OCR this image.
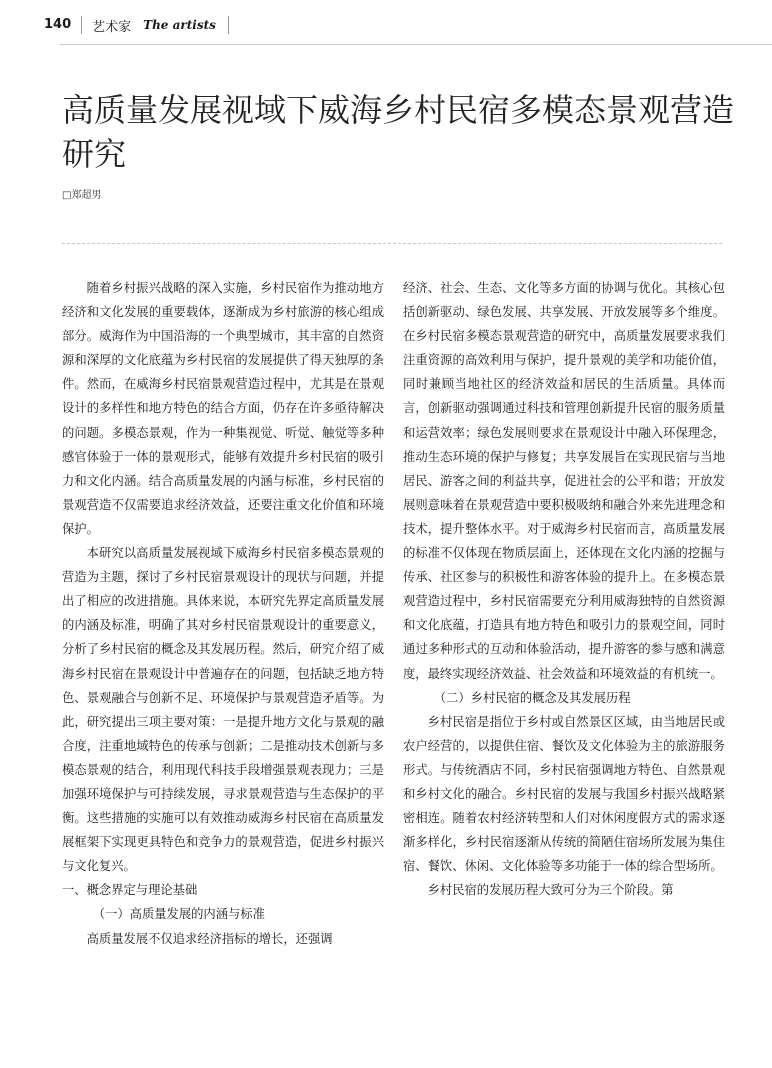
140	艺术家 The artists
高质量发展视域下威海乡村民宿多模态景观营造研究
□郑超男

随着乡村振兴战略的深入实施，乡村民宿作为推动地方经济和文化发展的重要载体，逐渐成为乡村旅游的核心组成部分。威海作为中国沿海的一个典型城市，其丰富的自然资源和深厚的文化底蕴为乡村民宿的发展提供了得天独厚的条件。然而，在威海乡村民宿景观营造过程中，尤其是在景观设计的多样性和地方特色的结合方面，仍存在许多亟待解决的问题。多模态景观，作为一种集视觉、听觉、触觉等多种感官体验于一体的景观形式，能够有效提升乡村民宿的吸引力和文化内涵。结合高质量发展的内涵与标准，乡村民宿的景观营造不仅需要追求经济效益，还要注重文化价值和环境保护。

本研究以高质量发展视域下威海乡村民宿多模态景观的营造为主题，探讨了乡村民宿景观设计的现状与问题，并提出了相应的改进措施。具体来说，本研究先界定高质量发展的内涵及标准，明确了其对乡村民宿景观设计的重要意义，分析了乡村民宿的概念及其发展历程。然后，研究介绍了威海乡村民宿在景观设计中普遍存在的问题，包括缺乏地方特色、景观融合与创新不足、环境保护与景观营造矛盾等。为此，研究提出三项主要对策：一是提升地方文化与景观的融合度，注重地域特色的传承与创新；二是推动技术创新与多模态景观的结合，利用现代科技手段增强景观表现力；三是加强环境保护与可持续发展，寻求景观营造与生态保护的平衡。这些措施的实施可以有效推动威海乡村民宿在高质量发展框架下实现更具特色和竞争力的景观营造，促进乡村振兴与文化复兴。

一、概念界定与理论基础

（一）高质量发展的内涵与标准

高质量发展不仅追求经济指标的增长，还强调

经济、社会、生态、文化等多方面的协调与优化。其核心包括创新驱动、绿色发展、共享发展、开放发展等多个维度。在乡村民宿多模态景观营造的研究中，高质量发展要求我们注重资源的高效利用与保护，提升景观的美学和功能价值，同时兼顾当地社区的经济效益和居民的生活质量。具体而言，创新驱动强调通过科技和管理创新提升民宿的服务质量和运营效率；绿色发展则要求在景观设计中融入环保理念，推动生态环境的保护与修复；共享发展旨在实现民宿与当地居民、游客之间的利益共享，促进社会的公平和谐；开放发展则意味着在景观营造中要积极吸纳和融合外来先进理念和技术，提升整体水平。对于威海乡村民宿而言，高质量发展的标准不仅体现在物质层面上，还体现在文化内涵的挖掘与传承、社区参与的积极性和游客体验的提升上。在多模态景观营造过程中，乡村民宿需要充分利用威海独特的自然资源和文化底蕴，打造具有地方特色和吸引力的景观空间，同时通过多种形式的互动和体验活动，提升游客的参与感和满意度，最终实现经济效益、社会效益和环境效益的有机统一。

（二）乡村民宿的概念及其发展历程

乡村民宿是指位于乡村或自然景区区域，由当地居民或农户经营的，以提供住宿、餐饮及文化体验为主的旅游服务形式。与传统酒店不同，乡村民宿强调地方特色、自然景观和乡村文化的融合。乡村民宿的发展与我国乡村振兴战略紧密相连。随着农村经济转型和人们对休闲度假方式的需求逐渐多样化，乡村民宿逐渐从传统的简陋住宿场所发展为集住宿、餐饮、休闲、文化体验等多功能于一体的综合型场所。

乡村民宿的发展历程大致可分为三个阶段。第
